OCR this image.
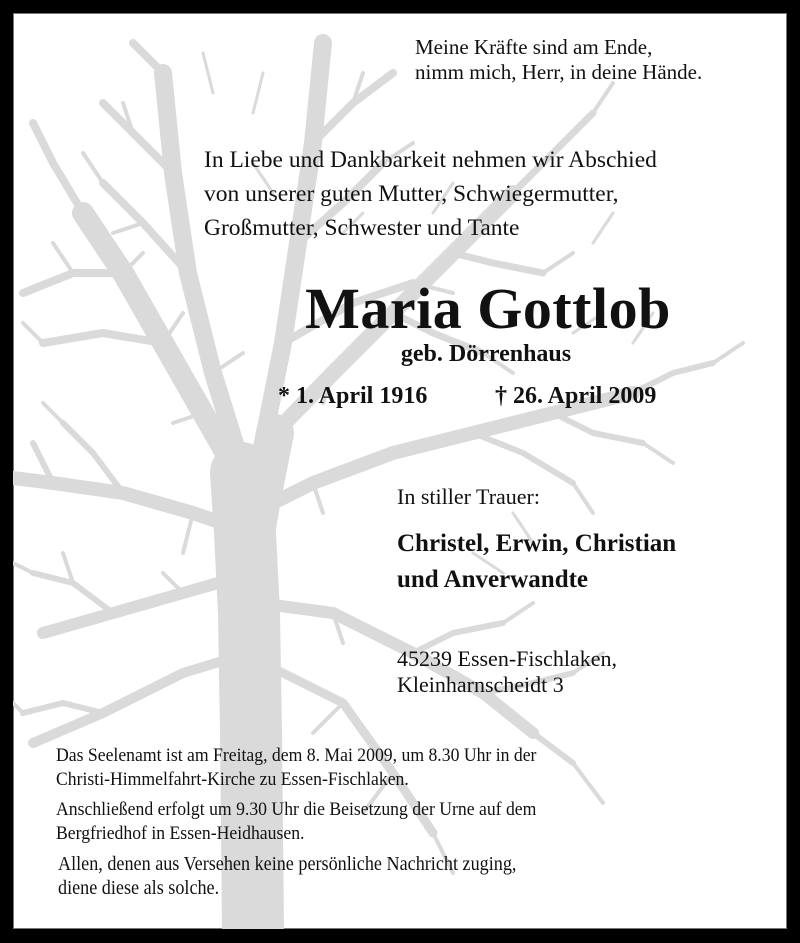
Meine Kräfte sind am Ende,
nimm mich, Herr, in deine Hände.
In Liebe und Dankbarkeit nehmen wir Abschied
von unserer guten Mutter, Schwiegermutter,
Großmutter, Schwester und Tante
Maria Gottlob
geb. Dörrenhaus
* 1. April 1916	† 26. April 2009
In stiller Trauer:
Christel, Erwin, Christian
und Anverwandte
45239 Essen-Fischlaken,
Kleinharnscheidt 3
Das Seelenamt ist am Freitag, dem 8. Mai 2009, um 8.30 Uhr in der
Christi-Himmelfahrt-Kirche zu Essen-Fischlaken.
Anschließend erfolgt um 9.30 Uhr die Beisetzung der Urne auf dem
Bergfriedhof in Essen-Heidhausen.
Allen, denen aus Versehen keine persönliche Nachricht zuging,
diene diese als solche.
